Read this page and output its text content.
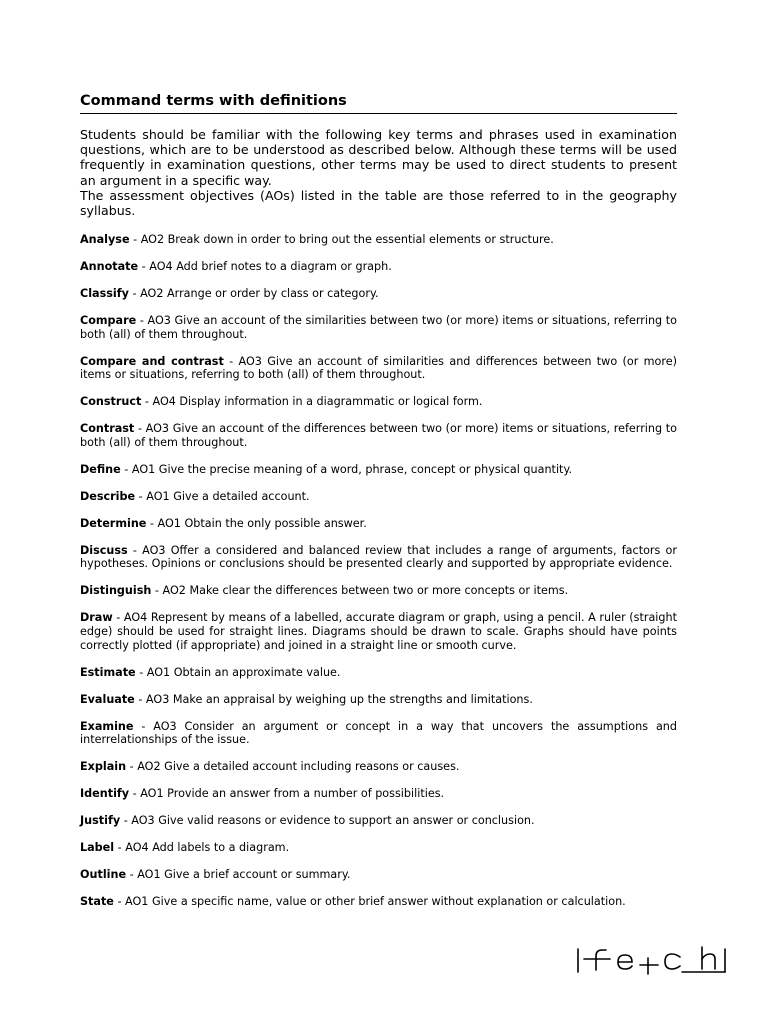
Command terms with definitions

Students should be familiar with the following key terms and phrases used in examination questions, which are to be understood as described below. Although these terms will be used frequently in examination questions, other terms may be used to direct students to present an argument in a specific way.

The assessment objectives (AOs) listed in the table are those referred to in the geography syllabus.

Analyse - AO2 Break down in order to bring out the essential elements or structure.

Annotate - AO4 Add brief notes to a diagram or graph.

Classify - AO2 Arrange or order by class or category.

Compare - AO3 Give an account of the similarities between two (or more) items or situations, referring to both (all) of them throughout.

Compare and contrast - AO3 Give an account of similarities and differences between two (or more) items or situations, referring to both (all) of them throughout.

Construct - AO4 Display information in a diagrammatic or logical form.

Contrast - AO3 Give an account of the differences between two (or more) items or situations, referring to both (all) of them throughout.

Define - AO1 Give the precise meaning of a word, phrase, concept or physical quantity.

Describe - AO1 Give a detailed account.

Determine - AO1 Obtain the only possible answer.

Discuss - AO3 Offer a considered and balanced review that includes a range of arguments, factors or hypotheses. Opinions or conclusions should be presented clearly and supported by appropriate evidence.

Distinguish - AO2 Make clear the differences between two or more concepts or items.

Draw - AO4 Represent by means of a labelled, accurate diagram or graph, using a pencil. A ruler (straight edge) should be used for straight lines. Diagrams should be drawn to scale. Graphs should have points correctly plotted (if appropriate) and joined in a straight line or smooth curve.

Estimate - AO1 Obtain an approximate value.

Evaluate - AO3 Make an appraisal by weighing up the strengths and limitations.

Examine - AO3 Consider an argument or concept in a way that uncovers the assumptions and interrelationships of the issue.

Explain - AO2 Give a detailed account including reasons or causes.

Identify - AO1 Provide an answer from a number of possibilities.

Justify - AO3 Give valid reasons or evidence to support an answer or conclusion.

Label - AO4 Add labels to a diagram.

Outline - AO1 Give a brief account or summary.

State - AO1 Give a specific name, value or other brief answer without explanation or calculation.
